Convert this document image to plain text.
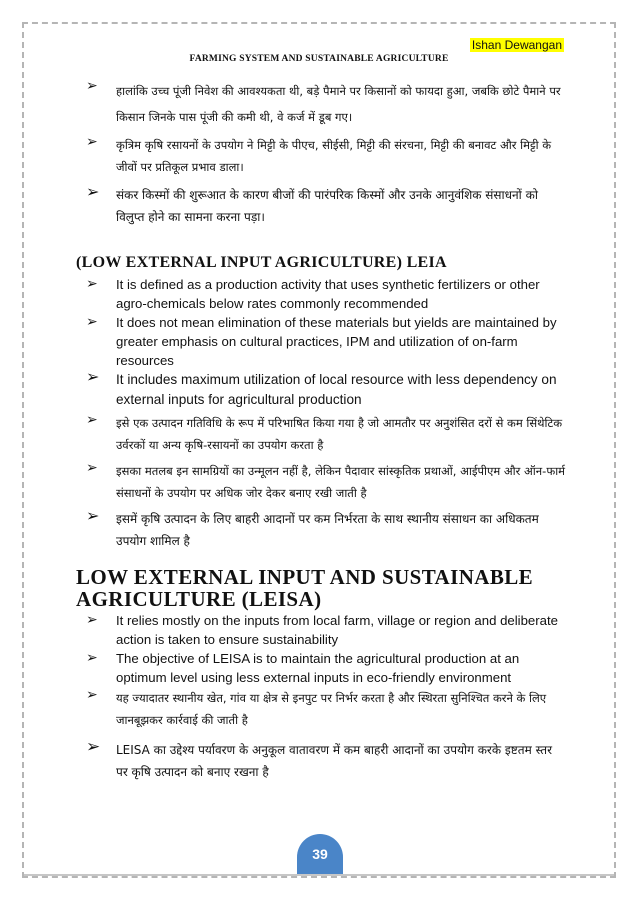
Ishan Dewangan
FARMING SYSTEM AND SUSTAINABLE AGRICULTURE
➢ हालांकि उच्च पूंजी निवेश की आवश्यकता थी, बड़े पैमाने पर किसानों को फायदा हुआ, जबकि छोटे पैमाने पर किसान जिनके पास पूंजी की कमी थी, वे कर्ज में डूब गए।
➢ कृत्रिम कृषि रसायनों के उपयोग ने मिट्टी के पीएच, सीईसी, मिट्टी की संरचना, मिट्टी की बनावट और मिट्टी के जीवों पर प्रतिकूल प्रभाव डाला।
➢ संकर किस्मों की शुरूआत के कारण बीजों की पारंपरिक किस्मों और उनके आनुवंशिक संसाधनों को विलुप्त होने का सामना करना पड़ा।
(LOW EXTERNAL INPUT AGRICULTURE) LEIA
➢ It is defined as a production activity that uses synthetic fertilizers or other agro-chemicals below rates commonly recommended
➢ It does not mean elimination of these materials but yields are maintained by greater emphasis on cultural practices, IPM and utilization of on-farm resources
➢ It includes maximum utilization of local resource with less dependency on external inputs for agricultural production
➢ इसे एक उत्पादन गतिविधि के रूप में परिभाषित किया गया है जो आमतौर पर अनुशंसित दरों से कम सिंथेटिक उर्वरकों या अन्य कृषि-रसायनों का उपयोग करता है
➢ इसका मतलब इन सामग्रियों का उन्मूलन नहीं है, लेकिन पैदावार सांस्कृतिक प्रथाओं, आईपीएम और ऑन-फार्म संसाधनों के उपयोग पर अधिक जोर देकर बनाए रखी जाती है
➢ इसमें कृषि उत्पादन के लिए बाहरी आदानों पर कम निर्भरता के साथ स्थानीय संसाधन का अधिकतम उपयोग शामिल है
LOW EXTERNAL INPUT AND SUSTAINABLE
AGRICULTURE (LEISA)
➢ It relies mostly on the inputs from local farm, village or region and deliberate action is taken to ensure sustainability
➢ The objective of LEISA is to maintain the agricultural production at an optimum level using less external inputs in eco-friendly environment
➢ यह ज्यादातर स्थानीय खेत, गांव या क्षेत्र से इनपुट पर निर्भर करता है और स्थिरता सुनिश्चित करने के लिए जानबूझकर कार्रवाई की जाती है
➢ LEISA का उद्देश्य पर्यावरण के अनुकूल वातावरण में कम बाहरी आदानों का उपयोग करके इष्टतम स्तर पर कृषि उत्पादन को बनाए रखना है
39
